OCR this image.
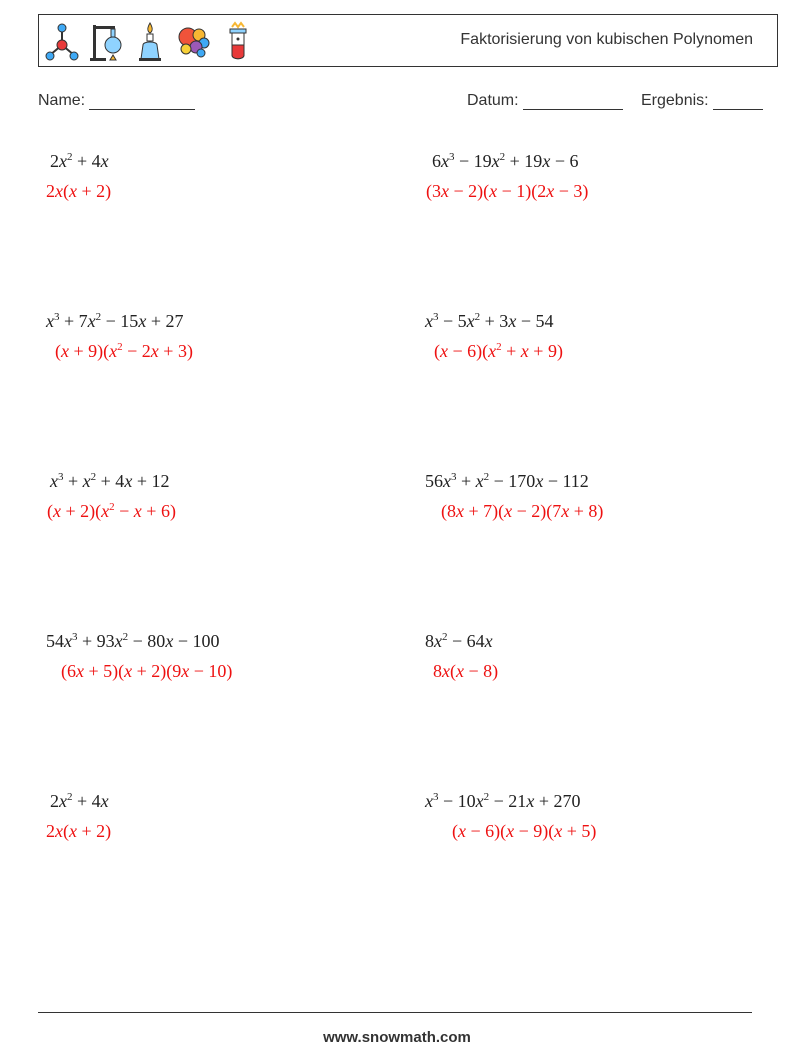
Faktorisierung von kubischen Polynomen
Name:	Datum:	Ergebnis:
$2x^2 + 4x$
2x(x + 2)
$6x^3 - 19x^2 + 19x - 6$
(3x − 2)(x − 1)(2x − 3)
$x^3 + 7x^2 - 15x + 27$
$(x + 9)(x^2 - 2x + 3)$
$x^3 - 5x^2 + 3x - 54$
$(x - 6)(x^2 + x + 9)$
$x^3 + x^2 + 4x + 12$
$(x + 2)(x^2 - x + 6)$
$56x^3 + x^2 - 170x - 112$
(8x + 7)(x − 2)(7x + 8)
$54x^3 + 93x^2 - 80x - 100$
(6x + 5)(x + 2)(9x − 10)
$8x^2 - 64x$
8x(x − 8)
$2x^2 + 4x$
2x(x + 2)
$x^3 - 10x^2 - 21x + 270$
(x − 6)(x − 9)(x + 5)
www.snowmath.com
